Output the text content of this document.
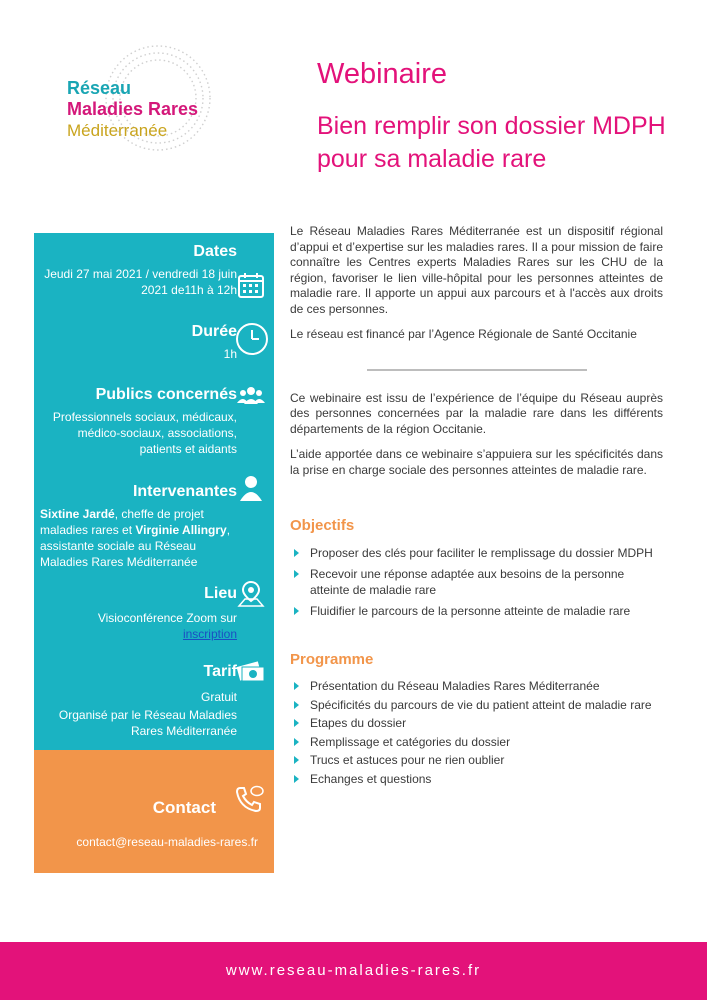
Réseau
Maladies Rares
Méditerranée

Webinaire

Bien remplir son dossier MDPH pour sa maladie rare

Dates
Jeudi 27 mai 2021 / vendredi 18 juin 2021 de11h à 12h
Durée
1h
Publics concernés
Professionnels sociaux, médicaux, médico-sociaux, associations, patients et aidants
Intervenantes
Sixtine Jardé, cheffe de projet maladies rares et Virginie Allingry, assistante sociale au Réseau Maladies Rares Méditerranée
Lieu
Visioconférence Zoom sur
inscription
Tarif
Gratuit
Organisé par le Réseau Maladies Rares Méditerranée
Contact
contact@reseau-maladies-rares.fr

Le Réseau Maladies Rares Méditerranée est un dispositif régional d’appui et d’expertise sur les maladies rares. Il a pour mission de faire connaître les Centres experts Maladies Rares sur les CHU de la région, favoriser le lien ville-hôpital pour les personnes atteintes de maladie rare. Il apporte un appui aux parcours et à l'accès aux droits de ces personnes.

Le réseau est financé par l’Agence Régionale de Santé Occitanie

Ce webinaire est issu de l’expérience de l’équipe du Réseau auprès des personnes concernées par la maladie rare dans les différents départements de la région Occitanie.

L’aide apportée dans ce webinaire s’appuiera sur les spécificités dans la prise en charge sociale des personnes atteintes de maladie rare.

Objectifs
Proposer des clés pour faciliter le remplissage du dossier MDPH
Recevoir une réponse adaptée aux besoins de la personne atteinte de maladie rare
Fluidifier le parcours de la personne atteinte de maladie rare
Programme
Présentation du Réseau Maladies Rares Méditerranée
Spécificités du parcours de vie du patient atteint de maladie rare
Etapes du dossier
Remplissage et catégories du dossier
Trucs et astuces pour ne rien oublier
Echanges et questions
www.reseau-maladies-rares.fr
